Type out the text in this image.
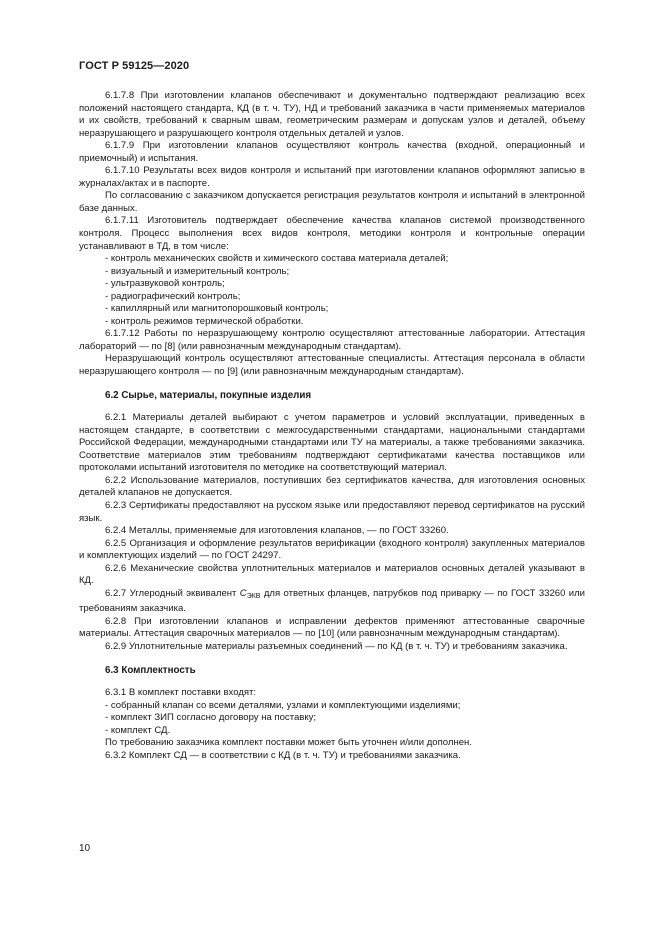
ГОСТ Р 59125—2020

6.1.7.8 При изготовлении клапанов обеспечивают и документально подтверждают реализацию всех положений настоящего стандарта, КД (в т. ч. ТУ), НД и требований заказчика в части применяемых материалов и их свойств, требований к сварным швам, геометрическим размерам и допускам узлов и деталей, объему неразрушающего и разрушающего контроля отдельных деталей и узлов.

6.1.7.9 При изготовлении клапанов осуществляют контроль качества (входной, операционный и приемочный) и испытания.

6.1.7.10 Результаты всех видов контроля и испытаний при изготовлении клапанов оформляют записью в журналах/актах и в паспорте.

По согласованию с заказчиком допускается регистрация результатов контроля и испытаний в электронной базе данных.

6.1.7.11 Изготовитель подтверждает обеспечение качества клапанов системой производственного контроля. Процесс выполнения всех видов контроля, методики контроля и контрольные операции устанавливают в ТД, в том числе:

- контроль механических свойств и химического состава материала деталей;
- визуальный и измерительный контроль;
- ультразвуковой контроль;
- радиографический контроль;
- капиллярный или магнитопорошковый контроль;
- контроль режимов термической обработки.

6.1.7.12 Работы по неразрушающему контролю осуществляют аттестованные лаборатории. Аттестация лабораторий — по [8] (или равнозначным международным стандартам).

Неразрушающий контроль осуществляют аттестованные специалисты. Аттестация персонала в области неразрушающего контроля — по [9] (или равнозначным международным стандартам).

6.2 Сырье, материалы, покупные изделия

6.2.1 Материалы деталей выбирают с учетом параметров и условий эксплуатации, приведенных в настоящем стандарте, в соответствии с межгосударственными стандартами, национальными стандартами Российской Федерации, международными стандартами или ТУ на материалы, а также требованиями заказчика. Соответствие материалов этим требованиям подтверждают сертификатами качества поставщиков или протоколами испытаний изготовителя по методике на соответствующий материал.

6.2.2 Использование материалов, поступивших без сертификатов качества, для изготовления основных деталей клапанов не допускается.

6.2.3 Сертификаты предоставляют на русском языке или предоставляют перевод сертификатов на русский язык.

6.2.4 Металлы, применяемые для изготовления клапанов, — по ГОСТ 33260.

6.2.5 Организация и оформление результатов верификации (входного контроля) закупленных материалов и комплектующих изделий — по ГОСТ 24297.

6.2.6 Механические свойства уплотнительных материалов и материалов основных деталей указывают в КД.

6.2.7 Углеродный эквивалент $С_{ЭКВ}$ для ответных фланцев, патрубков под приварку — по ГОСТ 33260 или требованиям заказчика.

6.2.8 При изготовлении клапанов и исправлении дефектов применяют аттестованные сварочные материалы. Аттестация сварочных материалов — по [10] (или равнозначным международным стандартам).

6.2.9 Уплотнительные материалы разъемных соединений — по КД (в т. ч. ТУ) и требованиям заказчика.

6.3 Комплектность

6.3.1 В комплект поставки входят:

- собранный клапан со всеми деталями, узлами и комплектующими изделиями;
- комплект ЗИП согласно договору на поставку;
- комплект СД.

По требованию заказчика комплект поставки может быть уточнен и/или дополнен.

6.3.2 Комплект СД — в соответствии с КД (в т. ч. ТУ) и требованиями заказчика.

10
